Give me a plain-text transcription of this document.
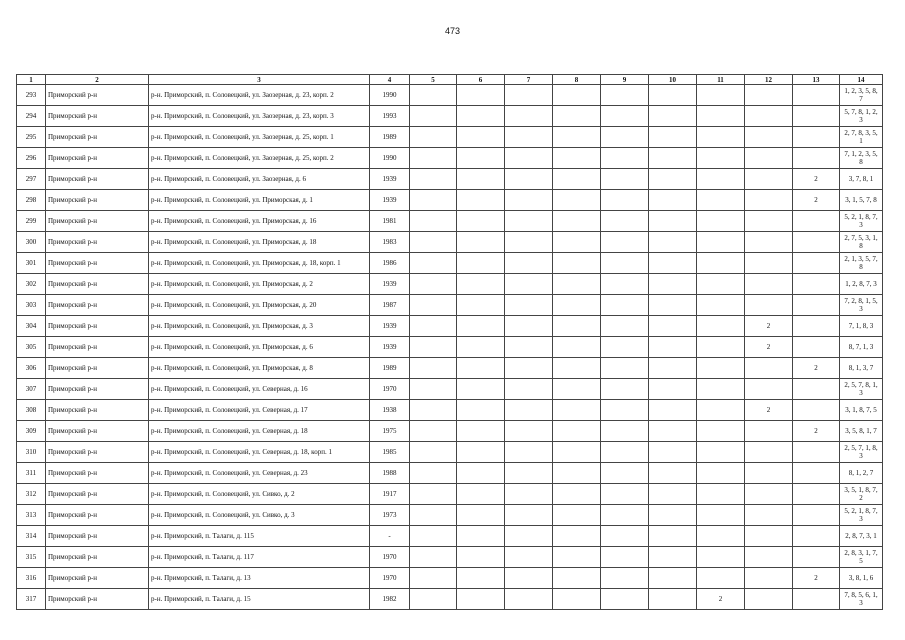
473
1	2	3	4	5	6	7	8	9	10	11	12	13	14
293	Приморский р-н	р-н. Приморский, п. Соловецкий, ул. Заозерная, д. 23, корп. 2	1990										1, 2, 3, 5, 8, 7
294	Приморский р-н	р-н. Приморский, п. Соловецкий, ул. Заозерная, д. 23, корп. 3	1993										5, 7, 8, 1, 2, 3
295	Приморский р-н	р-н. Приморский, п. Соловецкий, ул. Заозерная, д. 25, корп. 1	1989										2, 7, 8, 3, 5, 1
296	Приморский р-н	р-н. Приморский, п. Соловецкий, ул. Заозерная, д. 25, корп. 2	1990										7, 1, 2, 3, 5, 8
297	Приморский р-н	р-н. Приморский, п. Соловецкий, ул. Заозерная, д. 6	1939									2	3, 7, 8, 1
298	Приморский р-н	р-н. Приморский, п. Соловецкий, ул. Приморская, д. 1	1939									2	3, 1, 5, 7, 8
299	Приморский р-н	р-н. Приморский, п. Соловецкий, ул. Приморская, д. 16	1981										5, 2, 1, 8, 7, 3
300	Приморский р-н	р-н. Приморский, п. Соловецкий, ул. Приморская, д. 18	1983										2, 7, 5, 3, 1, 8
301	Приморский р-н	р-н. Приморский, п. Соловецкий, ул. Приморская, д. 18, корп. 1	1986										2, 1, 3, 5, 7, 8
302	Приморский р-н	р-н. Приморский, п. Соловецкий, ул. Приморская, д. 2	1939										1, 2, 8, 7, 3
303	Приморский р-н	р-н. Приморский, п. Соловецкий, ул. Приморская, д. 20	1987										7, 2, 8, 1, 5, 3
304	Приморский р-н	р-н. Приморский, п. Соловецкий, ул. Приморская, д. 3	1939								2		7, 1, 8, 3
305	Приморский р-н	р-н. Приморский, п. Соловецкий, ул. Приморская, д. 6	1939								2		8, 7, 1, 3
306	Приморский р-н	р-н. Приморский, п. Соловецкий, ул. Приморская, д. 8	1989									2	8, 1, 3, 7
307	Приморский р-н	р-н. Приморский, п. Соловецкий, ул. Северная, д. 16	1970										2, 5, 7, 8, 1, 3
308	Приморский р-н	р-н. Приморский, п. Соловецкий, ул. Северная, д. 17	1938								2		3, 1, 8, 7, 5
309	Приморский р-н	р-н. Приморский, п. Соловецкий, ул. Северная, д. 18	1975									2	3, 5, 8, 1, 7
310	Приморский р-н	р-н. Приморский, п. Соловецкий, ул. Северная, д. 18, корп. 1	1985										2, 5, 7, 1, 8, 3
311	Приморский р-н	р-н. Приморский, п. Соловецкий, ул. Северная, д. 23	1988										8, 1, 2, 7
312	Приморский р-н	р-н. Приморский, п. Соловецкий, ул. Сивко, д. 2	1917										3, 5, 1, 8, 7, 2
313	Приморский р-н	р-н. Приморский, п. Соловецкий, ул. Сивко, д. 3	1973										5, 2, 1, 8, 7, 3
314	Приморский р-н	р-н. Приморский, п. Талаги, д. 115	-										2, 8, 7, 3, 1
315	Приморский р-н	р-н. Приморский, п. Талаги, д. 117	1970										2, 8, 3, 1, 7, 5
316	Приморский р-н	р-н. Приморский, п. Талаги, д. 13	1970									2	3, 8, 1, 6
317	Приморский р-н	р-н. Приморский, п. Талаги, д. 15	1982							2			7, 8, 5, 6, 1, 3
